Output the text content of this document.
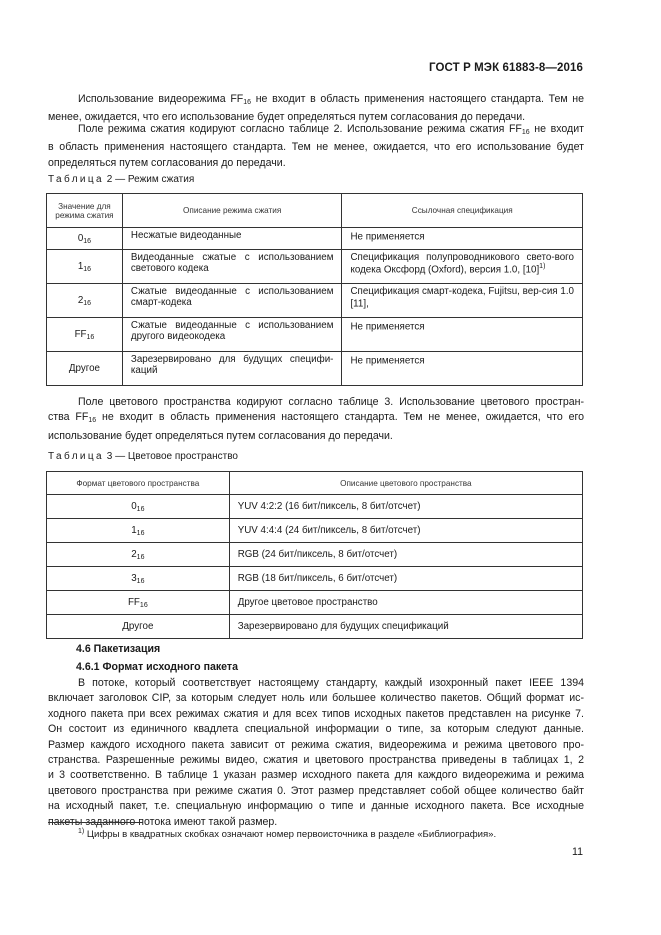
ГОСТ Р МЭК 61883-8—2016
Использование видеорежима $FF_{16}$ не входит в область применения настоящего стандарта. Тем не
менее, ожидается, что его использование будет определяться путем согласования до передачи.
Поле режима сжатия кодируют согласно таблице 2. Использование режима сжатия $FF_{16}$ не входит
в область применения настоящего стандарта. Тем не менее, ожидается, что его использование будет
определяться путем согласования до передачи.
Таблица 2 — Режим сжатия
Значение для режима сжатия	Описание режима сжатия	Ссылочная спецификация
$0_{16}$	Несжатые видеоданные	Не применяется
$1_{16}$	Видеоданные сжатые с использованием светового кодека	Спецификация полупроводникового свето-вого кодека Оксфорд (Oxford), версия 1.0, $[10]^{1)}$
$2_{16}$	Сжатые видеоданные с использованием смарт-кодека	Спецификация смарт-кодека, Fujitsu, вер-сия 1.0 [11],
$FF_{16}$	Сжатые видеоданные с использованием другого видеокодека	Не применяется
Другое	Зарезервировано для будущих специфи-каций	Не применяется
Поле цветового пространства кодируют согласно таблице 3. Использование цветового простран-
ства $FF_{16}$ не входит в область применения настоящего стандарта. Тем не менее, ожидается, что его
использование будет определяться путем согласования до передачи.
Таблица 3 — Цветовое пространство
Формат цветового пространства	Описание цветового пространства
$0_{16}$	YUV 4:2:2 (16 бит/пиксель, 8 бит/отсчет)
$1_{16}$	YUV 4:4:4 (24 бит/пиксель, 8 бит/отсчет)
$2_{16}$	RGB (24 бит/пиксель, 8 бит/отсчет)
$3_{16}$	RGB (18 бит/пиксель, 6 бит/отсчет)
$FF_{16}$	Другое цветовое пространство
Другое	Зарезервировано для будущих спецификаций
4.6 Пакетизация
4.6.1 Формат исходного пакета
В потоке, который соответствует настоящему стандарту, каждый изохронный пакет IEEE 1394
включает заголовок CIP, за которым следует ноль или большее количество пакетов. Общий формат ис-
ходного пакета при всех режимах сжатия и для всех типов исходных пакетов представлен на рисунке 7.
Он состоит из единичного квадлета специальной информации о типе, за которым следуют данные.
Размер каждого исходного пакета зависит от режима сжатия, видеорежима и режима цветового про-
странства. Разрешенные режимы видео, сжатия и цветового пространства приведены в таблицах 1, 2
и 3 соответственно. В таблице 1 указан размер исходного пакета для каждого видеорежима и режима
цветового пространства при режиме сжатия 0. Этот размер представляет собой общее количество байт
на исходный пакет, т.е. специальную информацию о типе и данные исходного пакета. Все исходные
пакеты заданного потока имеют такой размер.
$^{1)}$ Цифры в квадратных скобках означают номер первоисточника в разделе «Библиография».
11
